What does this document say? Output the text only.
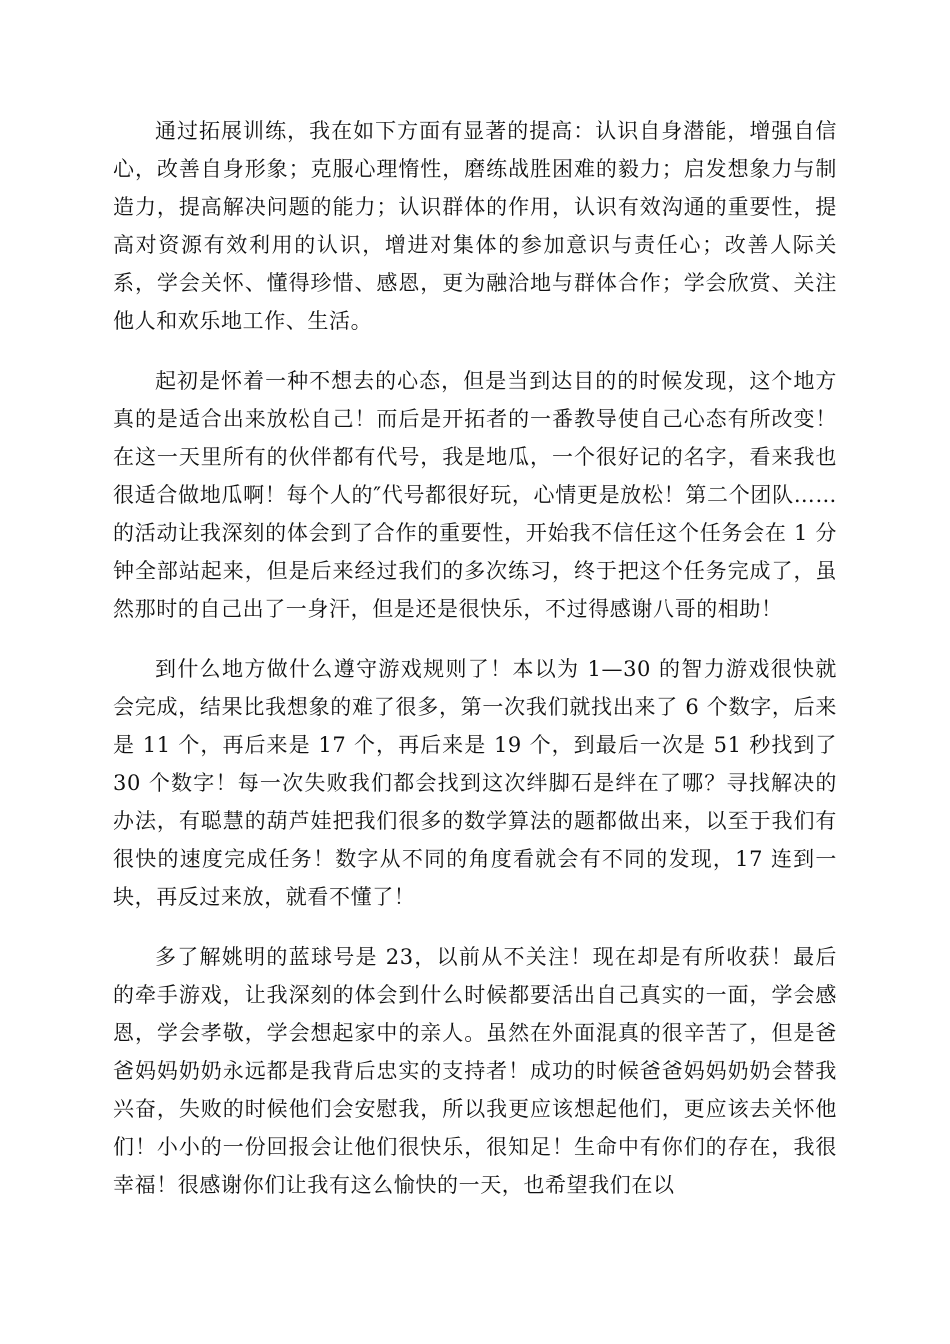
通过拓展训练，我在如下方面有显著的提高：认识自身潜能，增强自信心，改善自身形象；克服心理惰性，磨练战胜困难的毅力；启发想象力与制造力，提高解决问题的能力；认识群体的作用，认识有效沟通的重要性，提高对资源有效利用的认识，增进对集体的参加意识与责任心；改善人际关系，学会关怀、懂得珍惜、感恩，更为融洽地与群体合作；学会欣赏、关注他人和欢乐地工作、生活。

起初是怀着一种不想去的心态，但是当到达目的的时候发现，这个地方真的是适合出来放松自己！而后是开拓者的一番教导使自己心态有所改变！在这一天里所有的伙伴都有代号，我是地瓜，一个很好记的名字，看来我也很适合做地瓜啊！每个人的″代号都很好玩，心情更是放松！第二个团队……的活动让我深刻的体会到了合作的重要性，开始我不信任这个任务会在 1 分钟全部站起来，但是后来经过我们的多次练习，终于把这个任务完成了，虽然那时的自己出了一身汗，但是还是很快乐，不过得感谢八哥的相助！

到什么地方做什么遵守游戏规则了！本以为 1—30 的智力游戏很快就会完成，结果比我想象的难了很多，第一次我们就找出来了 6 个数字，后来是 11 个，再后来是 17 个，再后来是 19 个，到最后一次是 51 秒找到了 30 个数字！每一次失败我们都会找到这次绊脚石是绊在了哪？寻找解决的办法，有聪慧的葫芦娃把我们很多的数学算法的题都做出来，以至于我们有很快的速度完成任务！数字从不同的角度看就会有不同的发现，17 连到一块，再反过来放，就看不懂了！

多了解姚明的蓝球号是 23，以前从不关注！现在却是有所收获！最后的牵手游戏，让我深刻的体会到什么时候都要活出自己真实的一面，学会感恩，学会孝敬，学会想起家中的亲人。虽然在外面混真的很辛苦了，但是爸爸妈妈奶奶永远都是我背后忠实的支持者！成功的时候爸爸妈妈奶奶会替我兴奋，失败的时候他们会安慰我，所以我更应该想起他们，更应该去关怀他们！小小的一份回报会让他们很快乐，很知足！生命中有你们的存在，我很幸福！很感谢你们让我有这么愉快的一天，也希望我们在以
